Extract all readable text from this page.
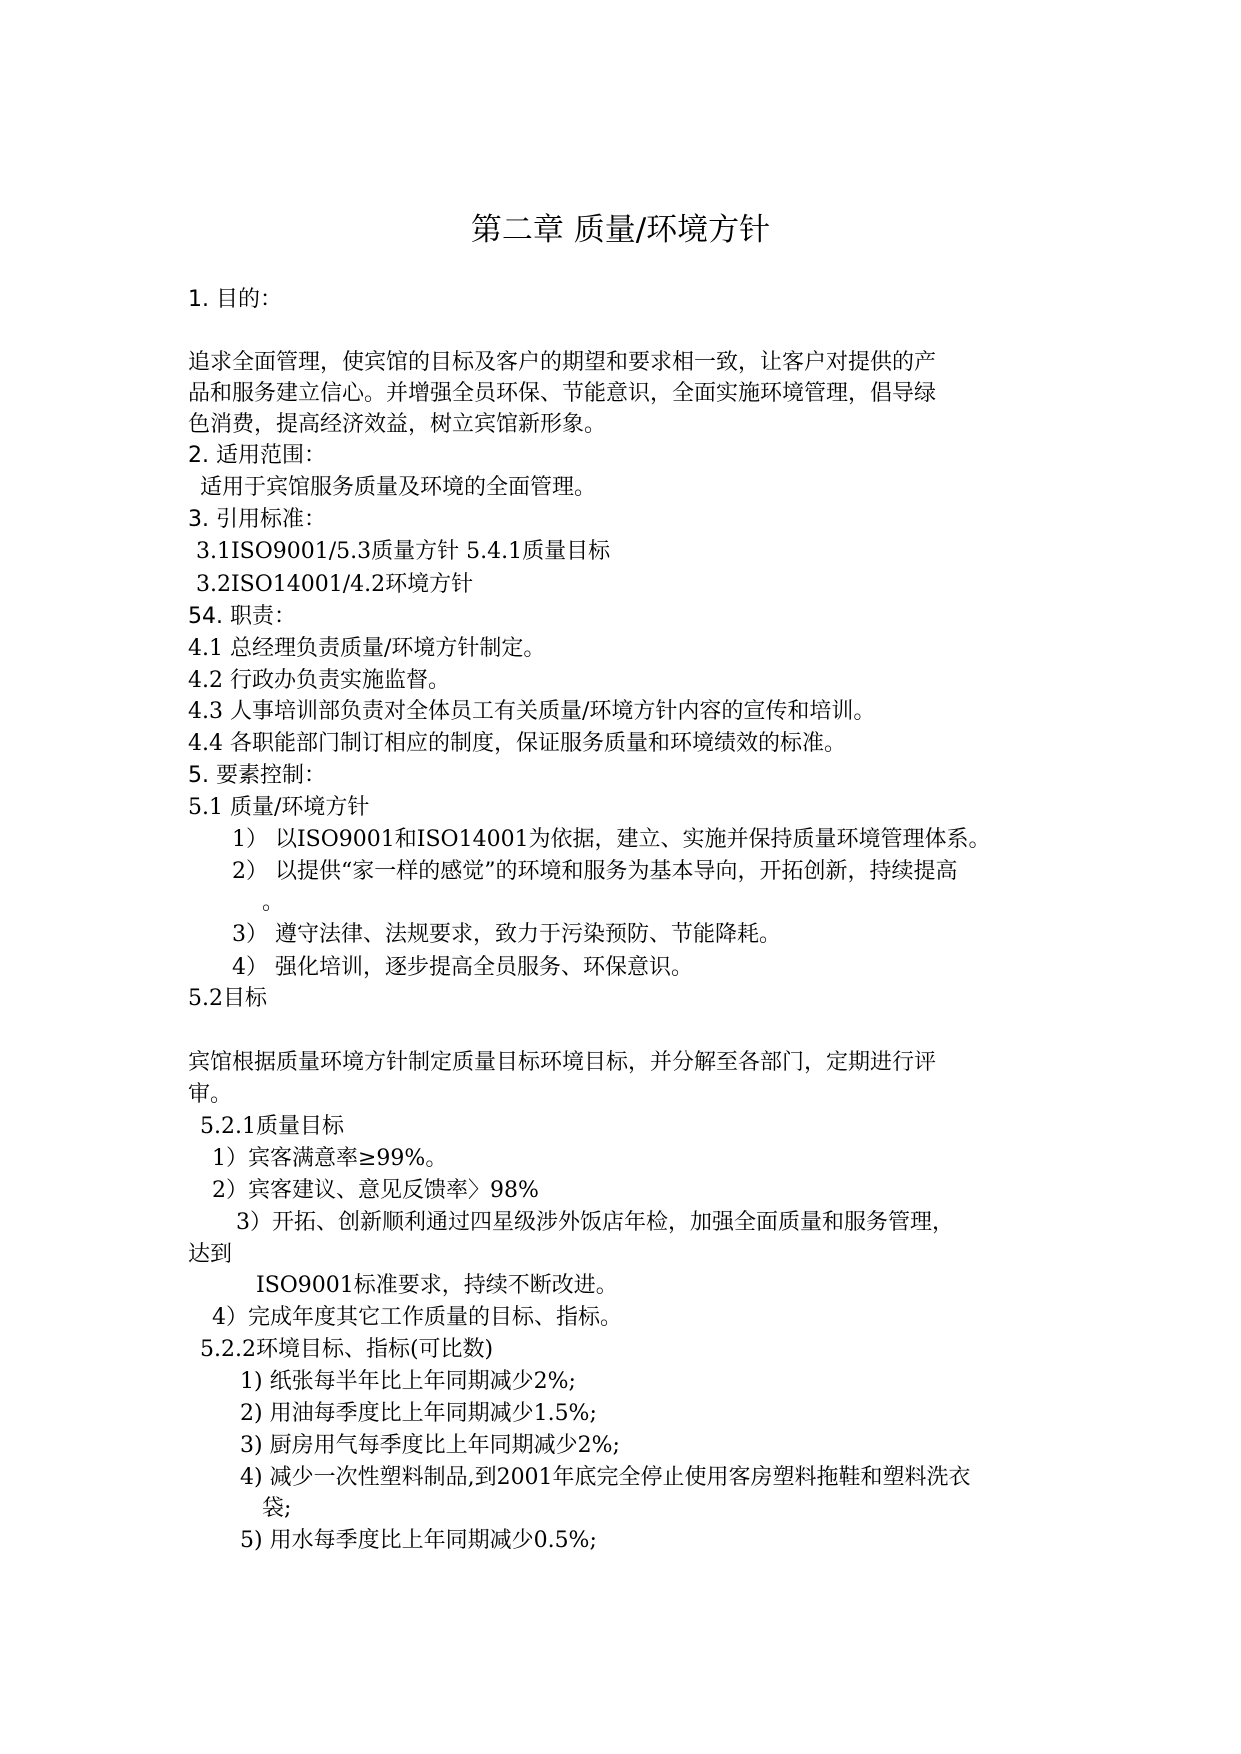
第二章 质量/环境方针
1. 目的：
追求全面管理，使宾馆的目标及客户的期望和要求相一致，让客户对提供的产
品和服务建立信心。并增强全员环保、节能意识，全面实施环境管理，倡导绿
色消费，提高经济效益，树立宾馆新形象。
2. 适用范围：
适用于宾馆服务质量及环境的全面管理。
3. 引用标准：
3.1ISO9001/5.3质量方针 5.4.1质量目标
3.2ISO14001/4.2环境方针
54. 职责：
4.1 总经理负责质量/环境方针制定。
4.2 行政办负责实施监督。
4.3 人事培训部负责对全体员工有关质量/环境方针内容的宣传和培训。
4.4 各职能部门制订相应的制度，保证服务质量和环境绩效的标准。
5. 要素控制：
5.1 质量/环境方针
1） 以ISO9001和ISO14001为依据，建立、实施并保持质量环境管理体系。
2） 以提供“家一样的感觉”的环境和服务为基本导向，开拓创新，持续提高
。
3） 遵守法律、法规要求，致力于污染预防、节能降耗。
4） 强化培训，逐步提高全员服务、环保意识。
5.2目标
宾馆根据质量环境方针制定质量目标环境目标，并分解至各部门，定期进行评
审。
5.2.1质量目标
1）宾客满意率≥99%。
2）宾客建议、意见反馈率〉98%
3）开拓、创新顺利通过四星级涉外饭店年检，加强全面质量和服务管理，
达到
ISO9001标准要求，持续不断改进。
4）完成年度其它工作质量的目标、指标。
5.2.2环境目标、指标(可比数)
1) 纸张每半年比上年同期减少2%;
2) 用油每季度比上年同期减少1.5%;
3) 厨房用气每季度比上年同期减少2%;
4) 减少一次性塑料制品,到2001年底完全停止使用客房塑料拖鞋和塑料洗衣
袋;
5) 用水每季度比上年同期减少0.5%;
